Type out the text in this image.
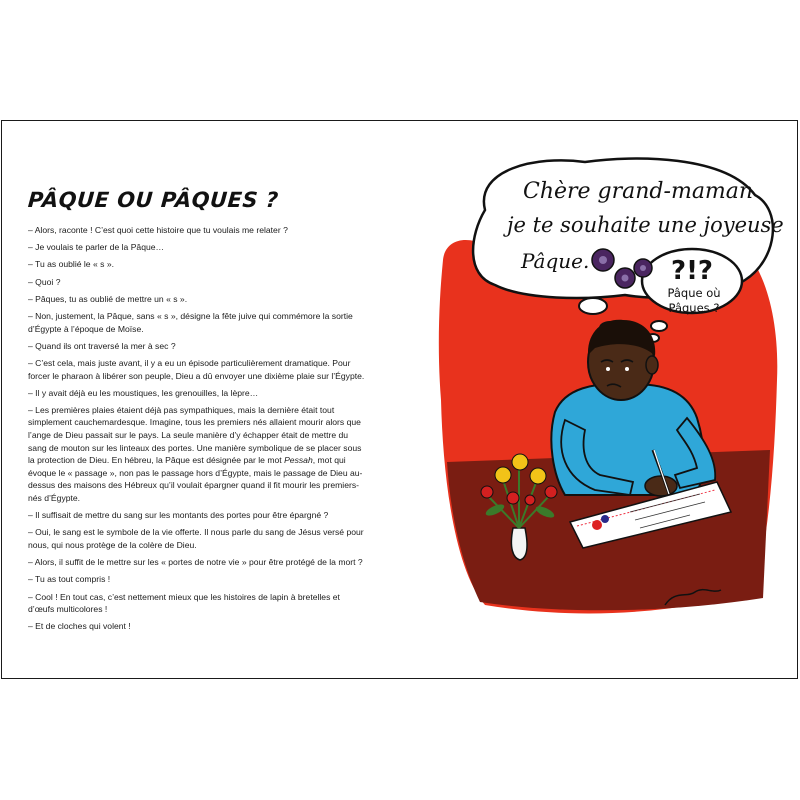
PÂQUE OU PÂQUES ?

– Alors, raconte ! C’est quoi cette histoire que tu voulais me relater ?

– Je voulais te parler de la Pâque…

– Tu as oublié le « s ».

– Quoi ?

– Pâques, tu as oublié de mettre un « s ».

– Non, justement, la Pâque, sans « s », désigne la fête juive qui commémore la sortie d’Égypte à l’époque de Moïse.

– Quand ils ont traversé la mer à sec ?

– C’est cela, mais juste avant, il y a eu un épisode particulièrement dramatique. Pour forcer le pharaon à libérer son peuple, Dieu a dû envoyer une dixième plaie sur l’Égypte.

– Il y avait déjà eu les moustiques, les grenouilles, la lèpre…

– Les premières plaies étaient déjà pas sympathiques, mais la dernière était tout simplement cauchemardesque. Imagine, tous les premiers nés allaient mourir alors que l’ange de Dieu passait sur le pays. La seule manière d’y échapper était de mettre du sang de mouton sur les linteaux des portes. Une manière symbolique de se placer sous la protection de Dieu. En hébreu, la Pâque est désignée par le mot Pessah, mot qui évoque le « passage », non pas le passage hors d’Égypte, mais le passage de Dieu au-dessus des maisons des Hébreux qu’il voulait épargner quand il fit mourir les premiers-nés d’Égypte.

– Il suffisait de mettre du sang sur les montants des portes pour être épargné ?

– Oui, le sang est le symbole de la vie offerte. Il nous parle du sang de Jésus versé pour nous, qui nous protège de la colère de Dieu.

– Alors, il suffit de le mettre sur les « portes de notre vie » pour être protégé de la mort ?

– Tu as tout compris !

– Cool ! En tout cas, c’est nettement mieux que les histoires de lapin à bretelles et d’œufs multicolores !

– Et de cloches qui volent !

Chère grand-maman
je te souhaite une joyeuse
Pâque.	?!?
Pâque où
Pâques ?
